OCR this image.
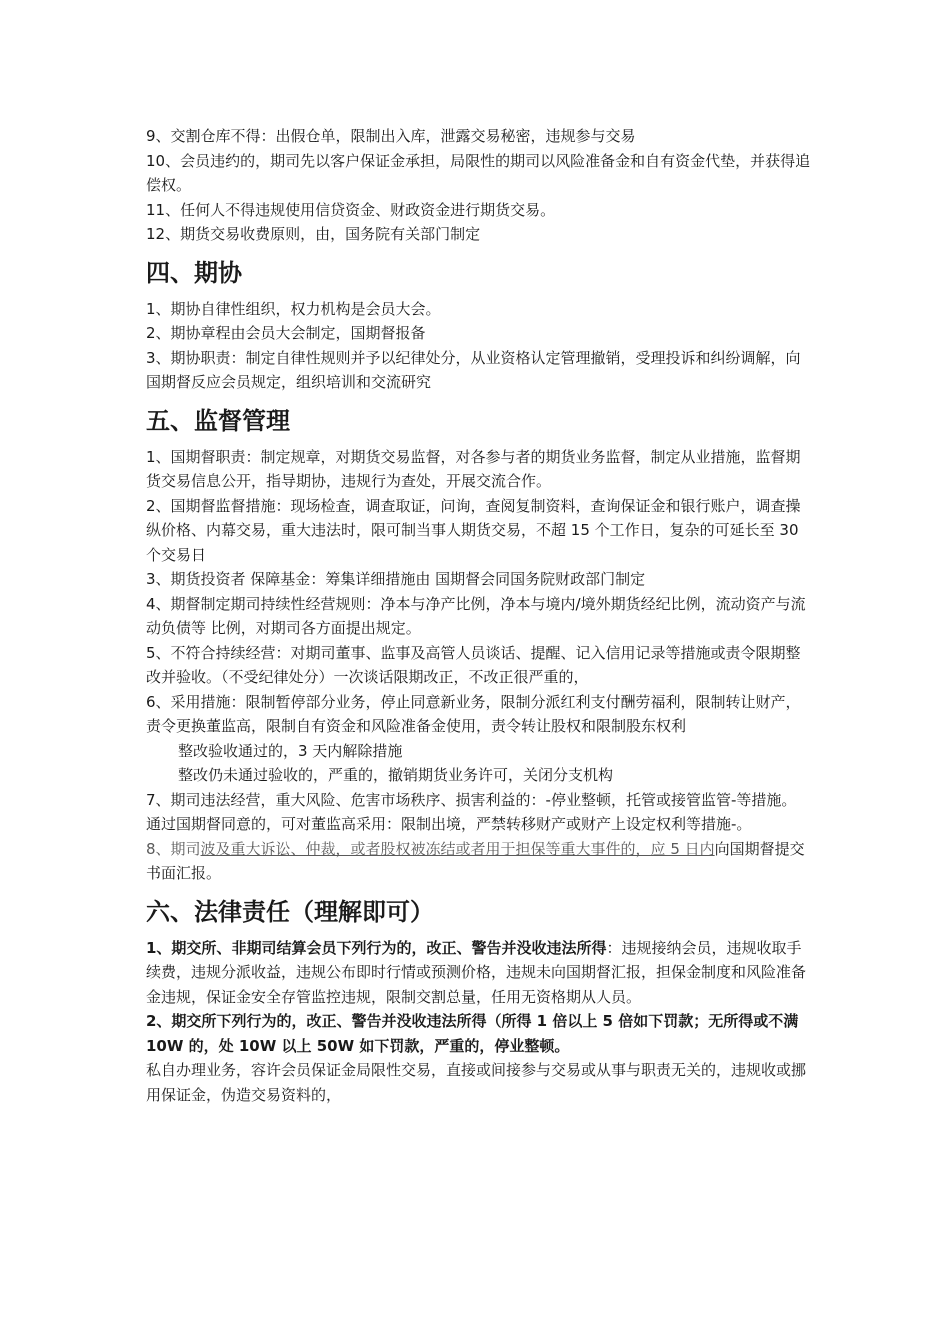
9、交割仓库不得：出假仓单，限制出入库，泄露交易秘密，违规参与交易

10、会员违约的，期司先以客户保证金承担，局限性的期司以风险准备金和自有资金代垫，并获得追偿权。

11、任何人不得违规使用信贷资金、财政资金进行期货交易。

12、期货交易收费原则，由，国务院有关部门制定

四、期协

1、期协自律性组织，权力机构是会员大会。

2、期协章程由会员大会制定，国期督报备

3、期协职责：制定自律性规则并予以纪律处分，从业资格认定管理撤销，受理投诉和纠纷调解，向国期督反应会员规定，组织培训和交流研究

五、监督管理

1、国期督职责：制定规章，对期货交易监督，对各参与者的期货业务监督，制定从业措施，监督期货交易信息公开，指导期协，违规行为查处，开展交流合作。

2、国期督监督措施：现场检查，调查取证，问询，查阅复制资料，查询保证金和银行账户，调查操纵价格、内幕交易，重大违法时，限可制当事人期货交易，不超 15 个工作日，复杂的可延长至 30 个交易日

3、期货投资者 保障基金：筹集详细措施由 国期督会同国务院财政部门制定

4、期督制定期司持续性经营规则：净本与净产比例，净本与境内/境外期货经纪比例，流动资产与流动负债等 比例，对期司各方面提出规定。

5、不符合持续经营：对期司董事、监事及高管人员谈话、提醒、记入信用记录等措施或责令限期整改并验收。（不受纪律处分）一次谈话限期改正，不改正很严重的，

6、采用措施：限制暂停部分业务，停止同意新业务，限制分派红利支付酬劳福利，限制转让财产，责令更换董监高，限制自有资金和风险准备金使用，责令转让股权和限制股东权利

整改验收通过的，3 天内解除措施

整改仍未通过验收的，严重的，撤销期货业务许可，关闭分支机构

7、期司违法经营，重大风险、危害市场秩序、损害利益的：-停业整顿，托管或接管监管-等措施。 通过国期督同意的，可对董监高采用：限制出境，严禁转移财产或财产上设定权利等措施-。

8、期司波及重大诉讼、仲裁，或者股权被冻结或者用于担保等重大事件的，应 5 日内向国期督提交书面汇报。

六、法律责任（理解即可）

1、期交所、非期司结算会员下列行为的，改正、警告并没收违法所得：违规接纳会员，违规收取手续费，违规分派收益，违规公布即时行情或预测价格，违规未向国期督汇报，担保金制度和风险准备金违规，保证金安全存管监控违规，限制交割总量，任用无资格期从人员。

2、期交所下列行为的，改正、警告并没收违法所得（所得 1 倍以上 5 倍如下罚款；无所得或不满 10W 的，处 10W 以上 50W 如下罚款，严重的，停业整顿。

私自办理业务，容许会员保证金局限性交易，直接或间接参与交易或从事与职责无关的，违规收或挪用保证金，伪造交易资料的，
